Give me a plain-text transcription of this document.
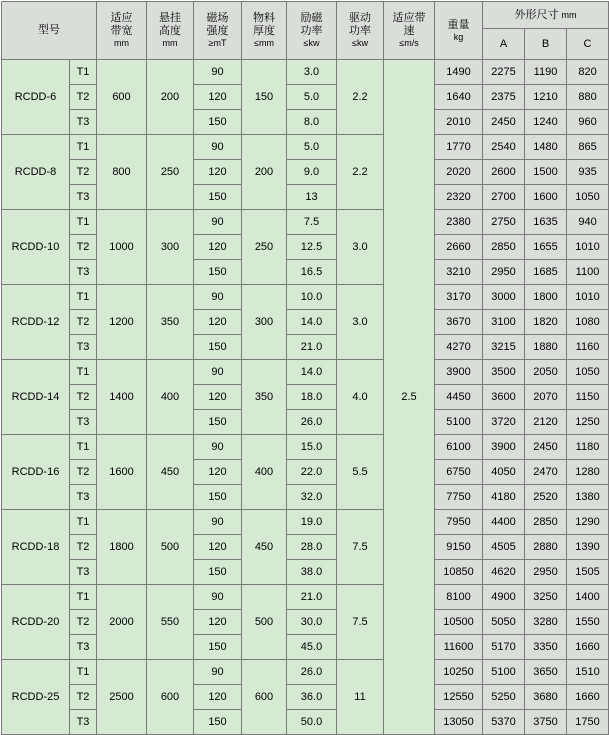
型号		适应
带宽
mm	悬挂
高度
mm	磁场
强度
≥mT	物料
厚度
≤mm	励磁
功率
≤kw	驱动
功率
≤kw	适应带
速
≤m/s	重量
kg	外形尺寸 mm		
										A	B	C
RCDD-6	T1	600	200	90	150	3.0	2.2	2.5	1490	2275	1190	820
	T2			120		5.0			1640	2375	1210	880
	T3			150		8.0			2010	2450	1240	960
RCDD-8	T1	800	250	90	200	5.0	2.2		1770	2540	1480	865
	T2			120		9.0			2020	2600	1500	935
	T3			150		13			2320	2700	1600	1050
RCDD-10	T1	1000	300	90	250	7.5	3.0		2380	2750	1635	940
	T2			120		12.5			2660	2850	1655	1010
	T3			150		16.5			3210	2950	1685	1100
RCDD-12	T1	1200	350	90	300	10.0	3.0		3170	3000	1800	1010
	T2			120		14.0			3670	3100	1820	1080
	T3			150		21.0			4270	3215	1880	1160
RCDD-14	T1	1400	400	90	350	14.0	4.0		3900	3500	2050	1050
	T2			120		18.0			4450	3600	2070	1150
	T3			150		26.0			5100	3720	2120	1250
RCDD-16	T1	1600	450	90	400	15.0	5.5		6100	3900	2450	1180
	T2			120		22.0			6750	4050	2470	1280
	T3			150		32.0			7750	4180	2520	1380
RCDD-18	T1	1800	500	90	450	19.0	7.5		7950	4400	2850	1290
	T2			120		28.0			9150	4505	2880	1390
	T3			150		38.0			10850	4620	2950	1505
RCDD-20	T1	2000	550	90	500	21.0	7.5		8100	4900	3250	1400
	T2			120		30.0			10500	5050	3280	1550
	T3			150		45.0			11600	5170	3350	1660
RCDD-25	T1	2500	600	90	600	26.0	11		10250	5100	3650	1510
	T2			120		36.0			12550	5250	3680	1660
	T3			150		50.0			13050	5370	3750	1750
